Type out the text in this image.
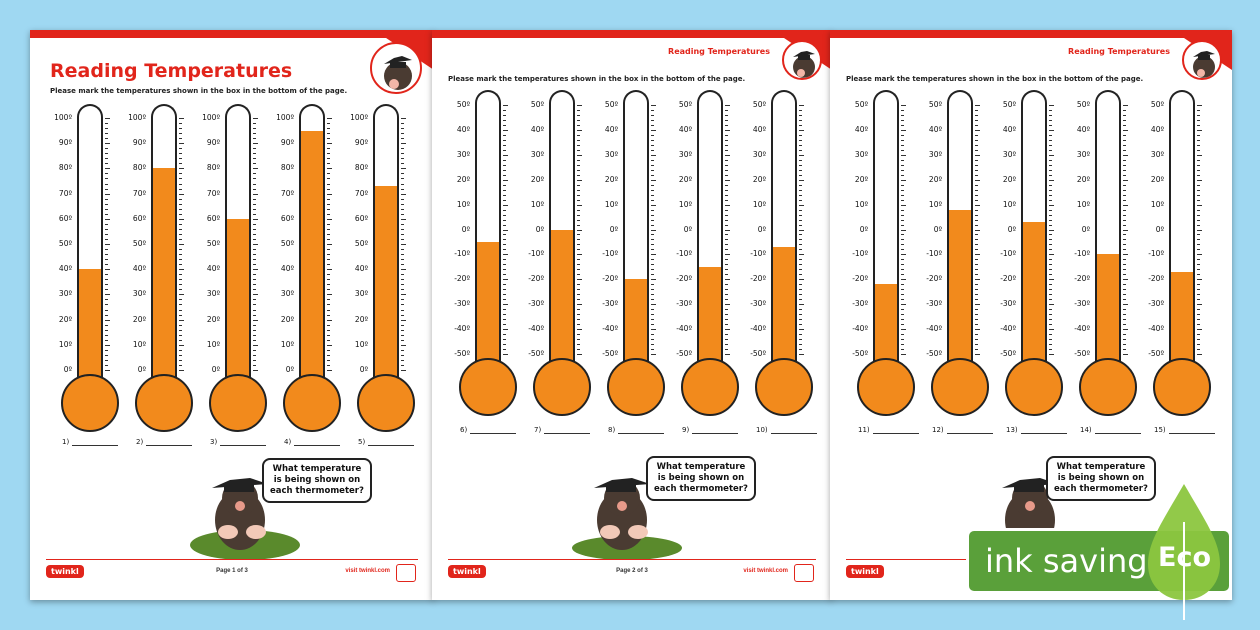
Reading Temperatures
Please mark the temperatures shown in the box in the bottom of the page.
What temperature
is being shown on
each thermometer?
twinkl	Page 1 of 3	visit twinkl.com
100º
90º
80º
70º
60º
50º
40º
30º
20º
10º
0º
1)
100º
90º
80º
70º
60º
50º
40º
30º
20º
10º
0º
2)
100º
90º
80º
70º
60º
50º
40º
30º
20º
10º
0º
3)
100º
90º
80º
70º
60º
50º
40º
30º
20º
10º
0º
4)
100º
90º
80º
70º
60º
50º
40º
30º
20º
10º
0º
5)
Reading Temperatures
Please mark the temperatures shown in the box in the bottom of the page.
What temperature
is being shown on
each thermometer?
twinkl	Page 2 of 3	visit twinkl.com
50º
40º
30º
20º
10º
0º
-10º
-20º
-30º
-40º
-50º
6)
50º
40º
30º
20º
10º
0º
-10º
-20º
-30º
-40º
-50º
7)
50º
40º
30º
20º
10º
0º
-10º
-20º
-30º
-40º
-50º
8)
50º
40º
30º
20º
10º
0º
-10º
-20º
-30º
-40º
-50º
9)
50º
40º
30º
20º
10º
0º
-10º
-20º
-30º
-40º
-50º
10)
Reading Temperatures
Please mark the temperatures shown in the box in the bottom of the page.
What temperature
is being shown on
each thermometer?
twinkl
50º
40º
30º
20º
10º
0º
-10º
-20º
-30º
-40º
-50º
11)
50º
40º
30º
20º
10º
0º
-10º
-20º
-30º
-40º
-50º
12)
50º
40º
30º
20º
10º
0º
-10º
-20º
-30º
-40º
-50º
13)
50º
40º
30º
20º
10º
0º
-10º
-20º
-30º
-40º
-50º
14)
50º
40º
30º
20º
10º
0º
-10º
-20º
-30º
-40º
-50º
15)
ink saving Eco
